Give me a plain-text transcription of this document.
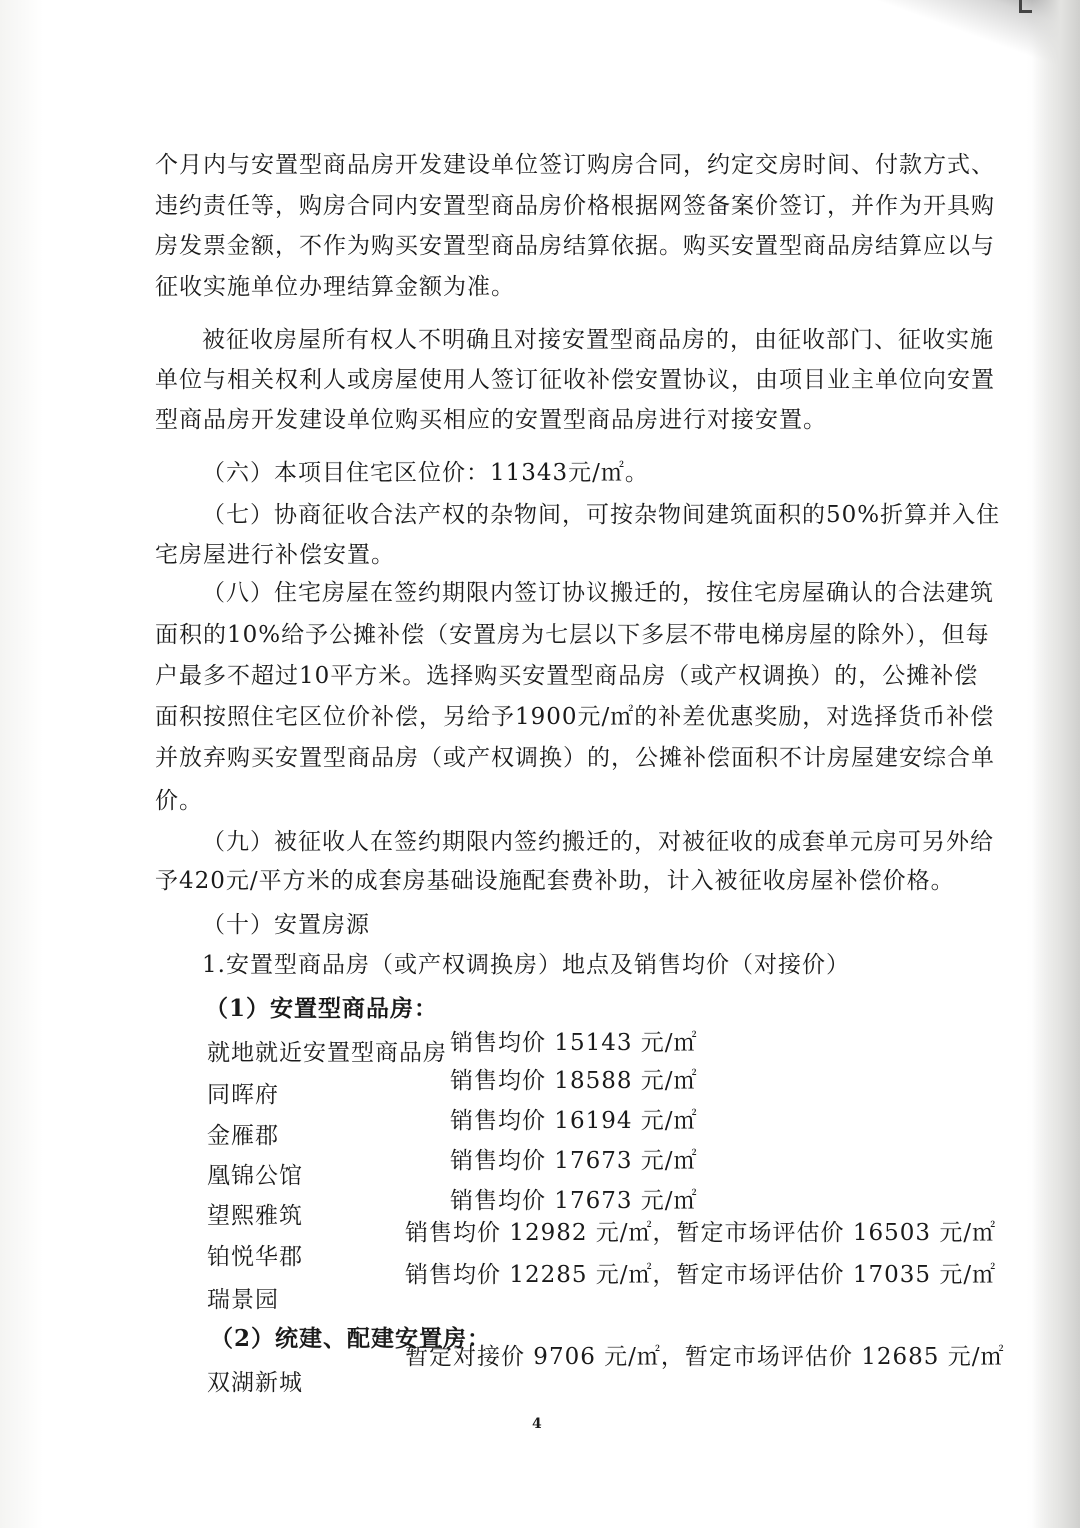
个月内与安置型商品房开发建设单位签订购房合同，约定交房时间、付款方式、

违约责任等，购房合同内安置型商品房价格根据网签备案价签订，并作为开具购

房发票金额，不作为购买安置型商品房结算依据。购买安置型商品房结算应以与

征收实施单位办理结算金额为准。

被征收房屋所有权人不明确且对接安置型商品房的，由征收部门、征收实施

单位与相关权利人或房屋使用人签订征收补偿安置协议，由项目业主单位向安置

型商品房开发建设单位购买相应的安置型商品房进行对接安置。

（六）本项目住宅区位价：11343元/㎡。

（七）协商征收合法产权的杂物间，可按杂物间建筑面积的50%折算并入住

宅房屋进行补偿安置。

（八）住宅房屋在签约期限内签订协议搬迁的，按住宅房屋确认的合法建筑

面积的10%给予公摊补偿（安置房为七层以下多层不带电梯房屋的除外），但每

户最多不超过10平方米。选择购买安置型商品房（或产权调换）的，公摊补偿

面积按照住宅区位价补偿，另给予1900元/㎡的补差优惠奖励，对选择货币补偿

并放弃购买安置型商品房（或产权调换）的，公摊补偿面积不计房屋建安综合单

价。

（九）被征收人在签约期限内签约搬迁的，对被征收的成套单元房可另外给

予420元/平方米的成套房基础设施配套费补助，计入被征收房屋补偿价格。

（十）安置房源

1.安置型商品房（或产权调换房）地点及销售均价（对接价）

（1）安置型商品房：

就地就近安置型商品房 销售均价 15143 元/㎡

同晖府

销售均价 18588 元/㎡

金雁郡

销售均价 16194 元/㎡

凰锦公馆

销售均价 17673 元/㎡

望熙雅筑

销售均价 17673 元/㎡

铂悦华郡

销售均价 12982 元/㎡，暂定市场评估价 16503 元/㎡

瑞景园

销售均价 12285 元/㎡，暂定市场评估价 17035 元/㎡

（2）统建、配建安置房：

双湖新城

暂定对接价 9706 元/㎡，暂定市场评估价 12685 元/㎡

4
